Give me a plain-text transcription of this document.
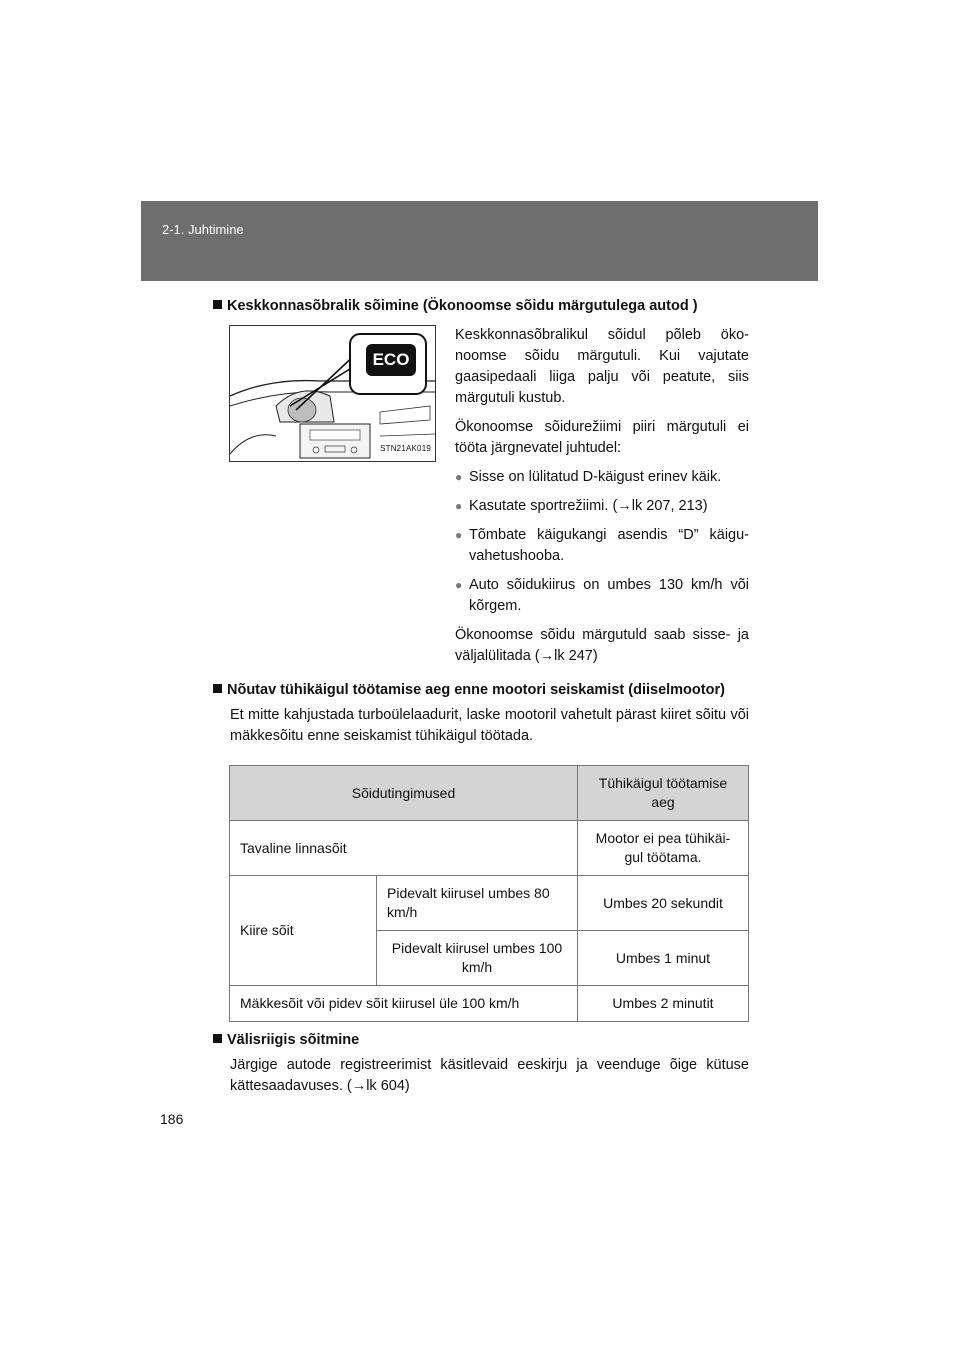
2-1. Juhtimine

Keskkonnasõbralik sõimine (Ökonoomse sõidu märgutulega autod )

ECO
STN21AK019

Keskkonnasõbralikul sõidul põleb öko-noomse sõidu märgutuli. Kui vajutate gaasipedaali liiga palju või peatute, siis märgutuli kustub.

Ökonoomse sõidurežiimi piiri märgutuli ei tööta järgnevatel juhtudel:

● Sisse on lülitatud D-käigust erinev käik.
● Kasutate sportrežiimi. (→lk 207, 213)
● Tõmbate käigukangi asendis “D” käigu-vahetushooba.
● Auto sõidukiirus on umbes 130 km/h või kõrgem.

Ökonoomse sõidu märgutuld saab sisse- ja väljalülitada (→lk 247)

Nõutav tühikäigul töötamise aeg enne mootori seiskamist (diiselmootor)

Et mitte kahjustada turboülelaadurit, laske mootoril vahetult pärast kiiret sõitu või mäkkesõitu enne seiskamist tühikäigul töötada.
Sõidutingimused		Tühikäigul töötamise aeg
Tavaline linnasõit		Mootor ei pea tühikäi-gul töötama.
Kiire sõit	Pidevalt kiirusel umbes 80 km/h	Umbes 20 sekundit
	Pidevalt kiirusel umbes 100 km/h	Umbes 1 minut
Mäkkesõit või pidev sõit kiirusel üle 100 km/h		Umbes 2 minutit

Välisriigis sõitmine

Järgige autode registreerimist käsitlevaid eeskirju ja veenduge õige kütuse kättesaadavuses. (→lk 604)
186
